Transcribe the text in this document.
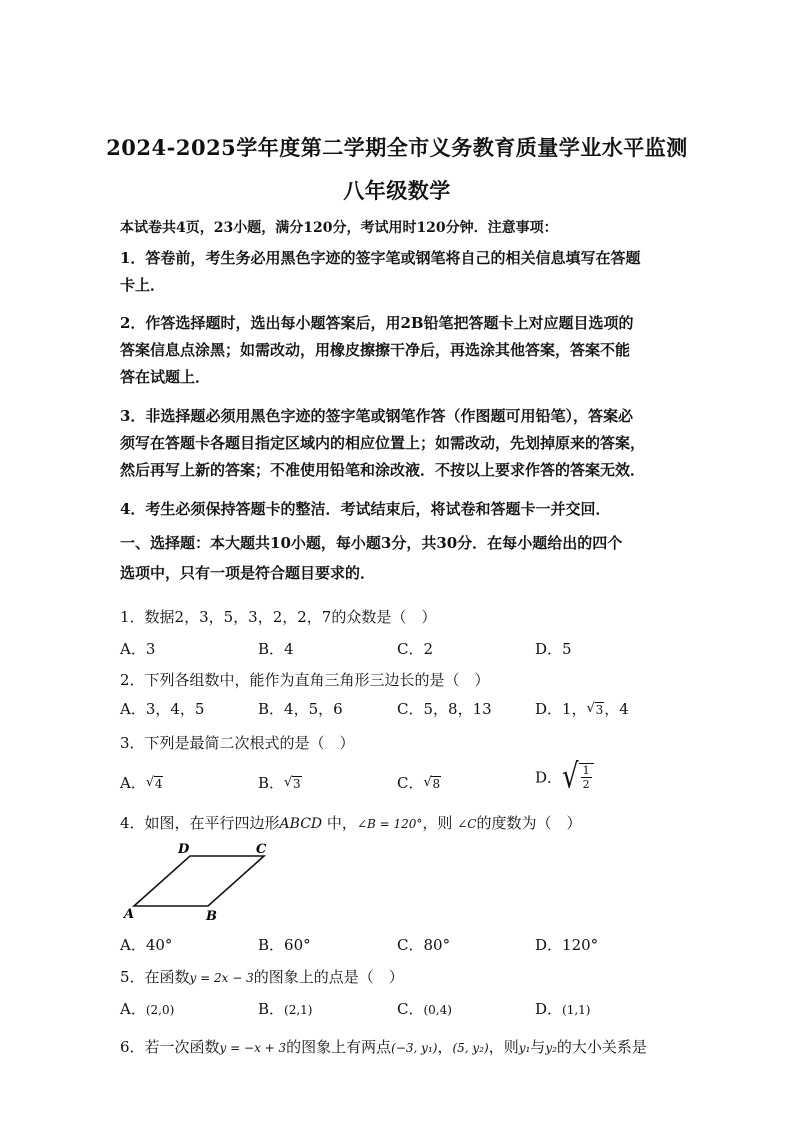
2024-2025学年度第二学期全市义务教育质量学业水平监测
八年级数学
本试卷共4页，23小题，满分120分，考试用时120分钟．注意事项：
1．答卷前，考生务必用黑色字迹的签字笔或钢笔将自己的相关信息填写在答题
卡上．
2．作答选择题时，选出每小题答案后，用2B铅笔把答题卡上对应题目选项的
答案信息点涂黑；如需改动，用橡皮擦擦干净后，再选涂其他答案，答案不能
答在试题上．
3．非选择题必须用黑色字迹的签字笔或钢笔作答（作图题可用铅笔），答案必
须写在答题卡各题目指定区域内的相应位置上；如需改动，先划掉原来的答案，
然后再写上新的答案；不准使用铅笔和涂改液．不按以上要求作答的答案无效．
4．考生必须保持答题卡的整洁．考试结束后，将试卷和答题卡一并交回．
一、选择题：本大题共10小题，每小题3分，共30分．在每小题给出的四个
选项中，只有一项是符合题目要求的．
1．数据2，3，5，3，2，2，7的众数是（　）
A．3	B．4	C．2	D．5
2．下列各组数中，能作为直角三角形三边长的是（　）
A．3，4，5	B．4，5，6	C．5，8，13	D．1， √ 3，4
3．下列是最简二次根式的是（　）
A． √ 4	B． √ 3	C． √ 8	D． √ $\frac{1}{2}$
4．如图，在平行四边形ABCD 中，∠B = 120°，则 ∠C的度数为（　）
A	B
C
D
A．40°	B．60°	C．80°	D．120°
5．在函数y = 2x − 3的图象上的点是（　）
A．(2,0)	B．(2,1)	C．(0,4)	D．(1,1)
6．若一次函数y = −x + 3的图象上有两点(−3, y₁)，(5, y₂)，则y₁与y₂的大小关系是
